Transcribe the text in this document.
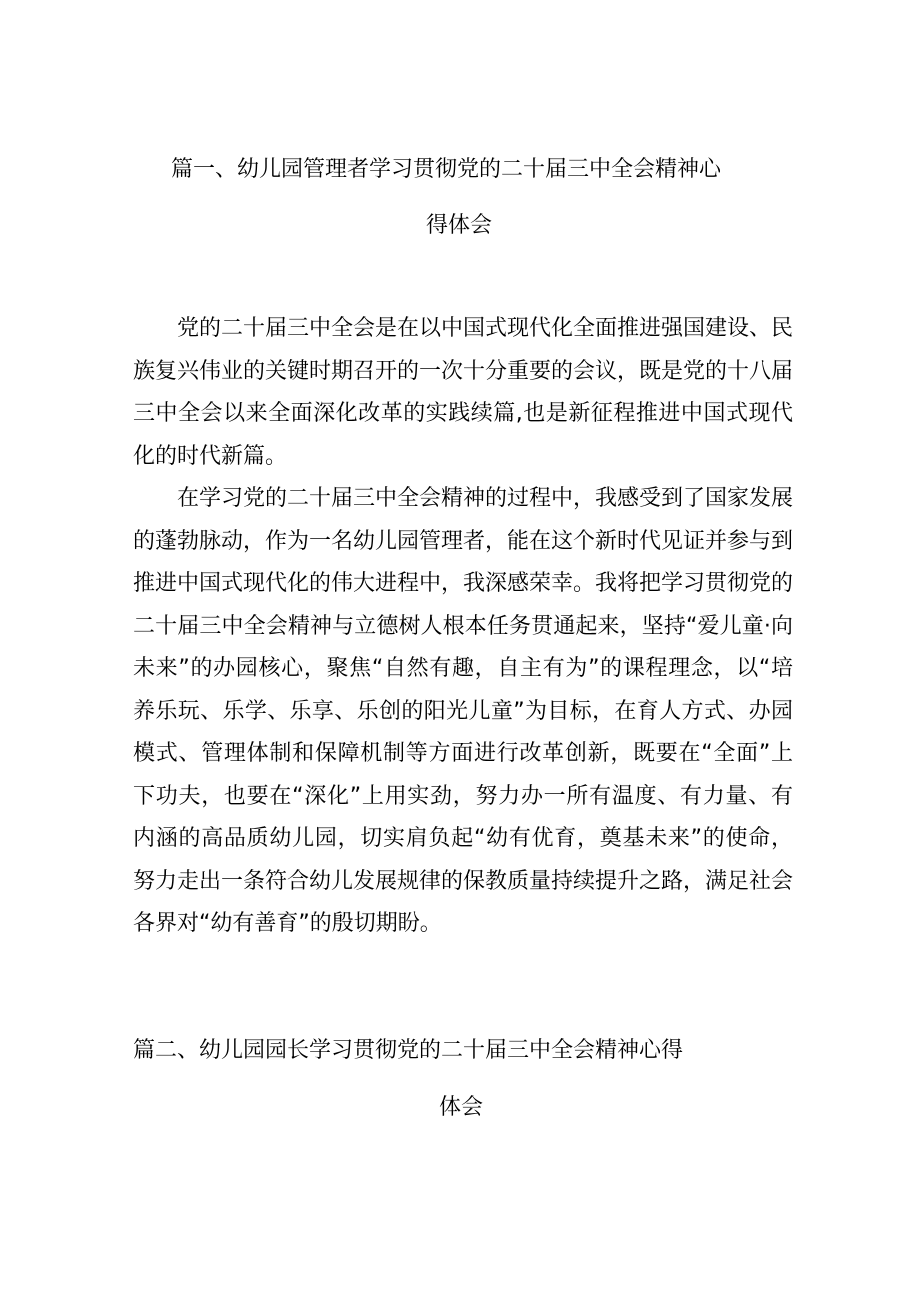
篇一、幼儿园管理者学习贯彻党的二十届三中全会精神心
得体会

党的二十届三中全会是在以中国式现代化全面推进强国建设、民族复兴伟业的关键时期召开的一次十分重要的会议，既是党的十八届三中全会以来全面深化改革的实践续篇,也是新征程推进中国式现代化的时代新篇。

在学习党的二十届三中全会精神的过程中，我感受到了国家发展的蓬勃脉动，作为一名幼儿园管理者，能在这个新时代见证并参与到推进中国式现代化的伟大进程中，我深感荣幸。我将把学习贯彻党的二十届三中全会精神与立德树人根本任务贯通起来，坚持“爱儿童·向未来”的办园核心，聚焦“自然有趣，自主有为”的课程理念，以“培养乐玩、乐学、乐享、乐创的阳光儿童”为目标，在育人方式、办园模式、管理体制和保障机制等方面进行改革创新，既要在“全面”上下功夫，也要在“深化”上用实劲，努力办一所有温度、有力量、有内涵的高品质幼儿园，切实肩负起“幼有优育，奠基未来”的使命，努力走出一条符合幼儿发展规律的保教质量持续提升之路，满足社会各界对“幼有善育”的殷切期盼。

篇二、幼儿园园长学习贯彻党的二十届三中全会精神心得
体会
